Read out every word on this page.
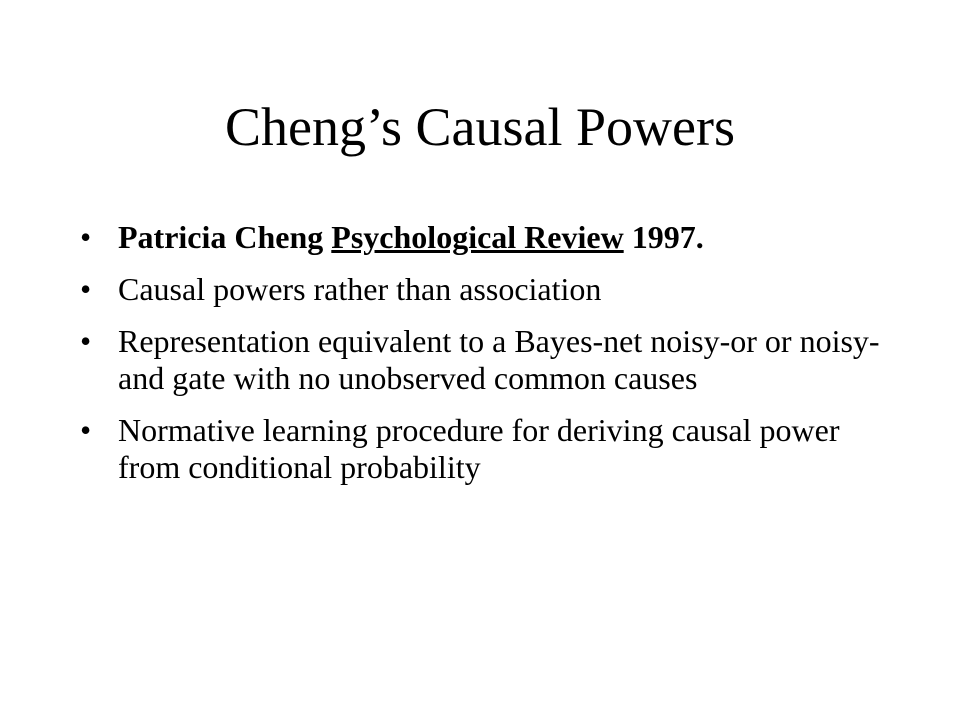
Cheng’s Causal Powers
• Patricia Cheng Psychological Review 1997.
• Causal powers rather than association
• Representation equivalent to a Bayes-net noisy-or or noisy-and gate with no unobserved common causes
• Normative learning procedure for deriving causal power from conditional probability
